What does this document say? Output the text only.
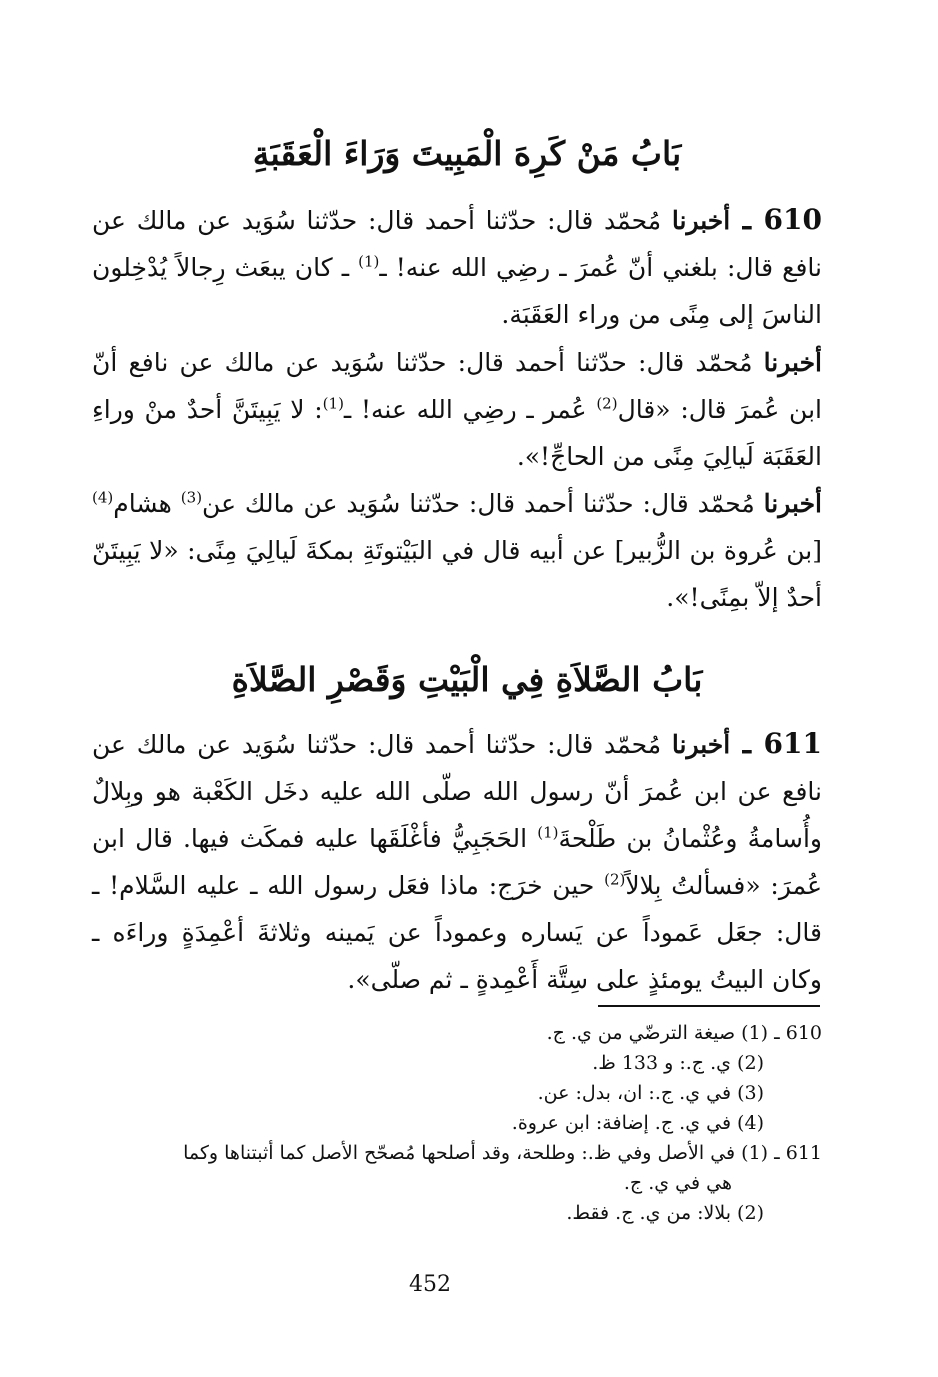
بَابُ مَنْ كَرِهَ الْمَبِيتَ وَرَاءَ الْعَقَبَةِ
610 ـ أخبرنا مُحمّد قال: حدّثنا أحمد قال: حدّثنا سُوَيد عن مالك عن نافع قال: بلغني أنّ عُمرَ ـ رضِي الله عنه! ـ$^{(1)}$ ـ كان يبعَث رِجالاً يُدْخِلون الناسَ إلى مِنًى من وراء العَقَبَة.
أخبرنا مُحمّد قال: حدّثنا أحمد قال: حدّثنا سُوَيد عن مالك عن نافع أنّ ابن عُمرَ قال: «قال$^{(2)}$ عُمر ـ رضِي الله عنه! ـ$^{(1)}$: لا يَبِيتَنَّ أحدٌ منْ وراءِ العَقَبَة لَيالِيَ مِنًى من الحاجِّ!».
أخبرنا مُحمّد قال: حدّثنا أحمد قال: حدّثنا سُوَيد عن مالك عن$^{(3)}$ هشام$^{(4)}$ [بن عُروة بن الزُّبير] عن أبيه قال في البَيْتوتَةِ بمكةَ لَيالِيَ مِنًى: «لا يَبِيتَنّ أحدٌ إلاّ بمِنًى!».
بَابُ الصَّلاَةِ فِي الْبَيْتِ وَقَصْرِ الصَّلاَةِ
611 ـ أخبرنا مُحمّد قال: حدّثنا أحمد قال: حدّثنا سُوَيد عن مالك عن نافع عن ابن عُمرَ أنّ رسول الله صلّى الله عليه دخَل الكَعْبة هو وبِلالٌ وأُسامةُ وعُثْمانُ بن طَلْحةَ$^{(1)}$ الحَجَبِيُّ فأغْلَقَها عليه فمكَث فيها. قال ابن عُمرَ: «فسألتُ بِلالاً$^{(2)}$ حين خرَج: ماذا فعَل رسول الله ـ عليه السَّلام! ـ قال: جعَل عَموداً عن يَساره وعموداً عن يَمينه وثلاثةَ أعْمِدَةٍ وراءَه ـ وكان البيتُ يومئذٍ على سِتَّة أَعْمِدةٍ ـ ثم صلّى».
610 ـ (1) صيغة الترضّي من ي. ج.
(2) ي. ج.: و 133 ظ.
(3) في ي. ج.: ان، بدل: عن.
(4) في ي. ج. إضافة: ابن عروة.
611 ـ (1) في الأصل وفي ظ.: وطلحة، وقد أصلحها مُصحّح الأصل كما أثبتناها وكما
هي في ي. ج.
(2) بلالا: من ي. ج. فقط.
452
